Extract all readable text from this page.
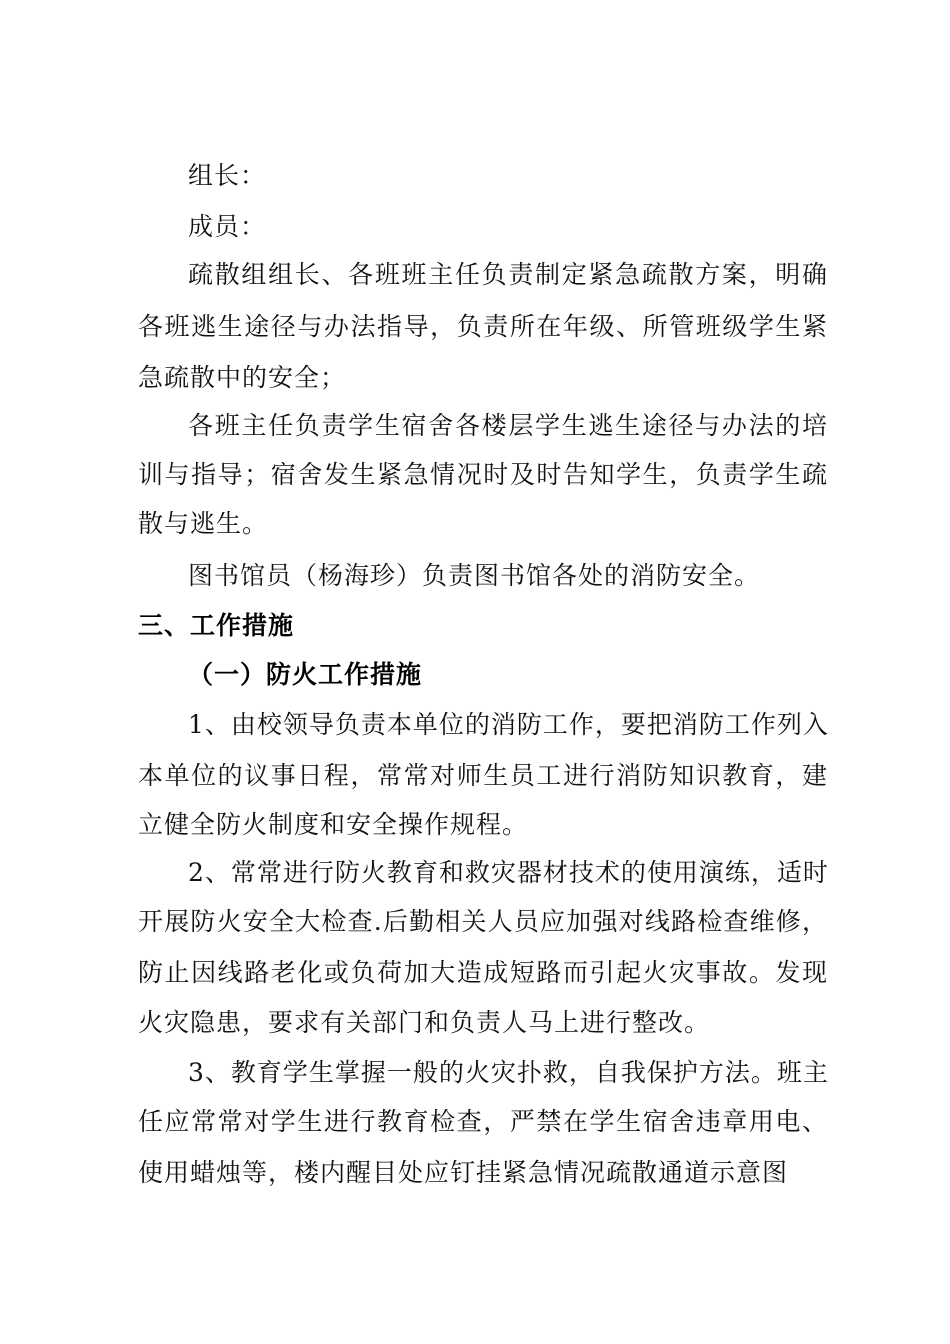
组长：
成员：
疏散组组长、各班班主任负责制定紧急疏散方案，明确
各班逃生途径与办法指导，负责所在年级、所管班级学生紧
急疏散中的安全；
各班主任负责学生宿舍各楼层学生逃生途径与办法的培
训与指导；宿舍发生紧急情况时及时告知学生，负责学生疏
散与逃生。
图书馆员（杨海珍）负责图书馆各处的消防安全。
三、工作措施
（一）防火工作措施
1、由校领导负责本单位的消防工作，要把消防工作列入
本单位的议事日程，常常对师生员工进行消防知识教育，建
立健全防火制度和安全操作规程。
2、常常进行防火教育和救灾器材技术的使用演练，适时
开展防火安全大检查.后勤相关人员应加强对线路检查维修，
防止因线路老化或负荷加大造成短路而引起火灾事故。发现
火灾隐患，要求有关部门和负责人马上进行整改。
3、教育学生掌握一般的火灾扑救，自我保护方法。班主
任应常常对学生进行教育检查，严禁在学生宿舍违章用电、
使用蜡烛等，楼内醒目处应钉挂紧急情况疏散通道示意图
